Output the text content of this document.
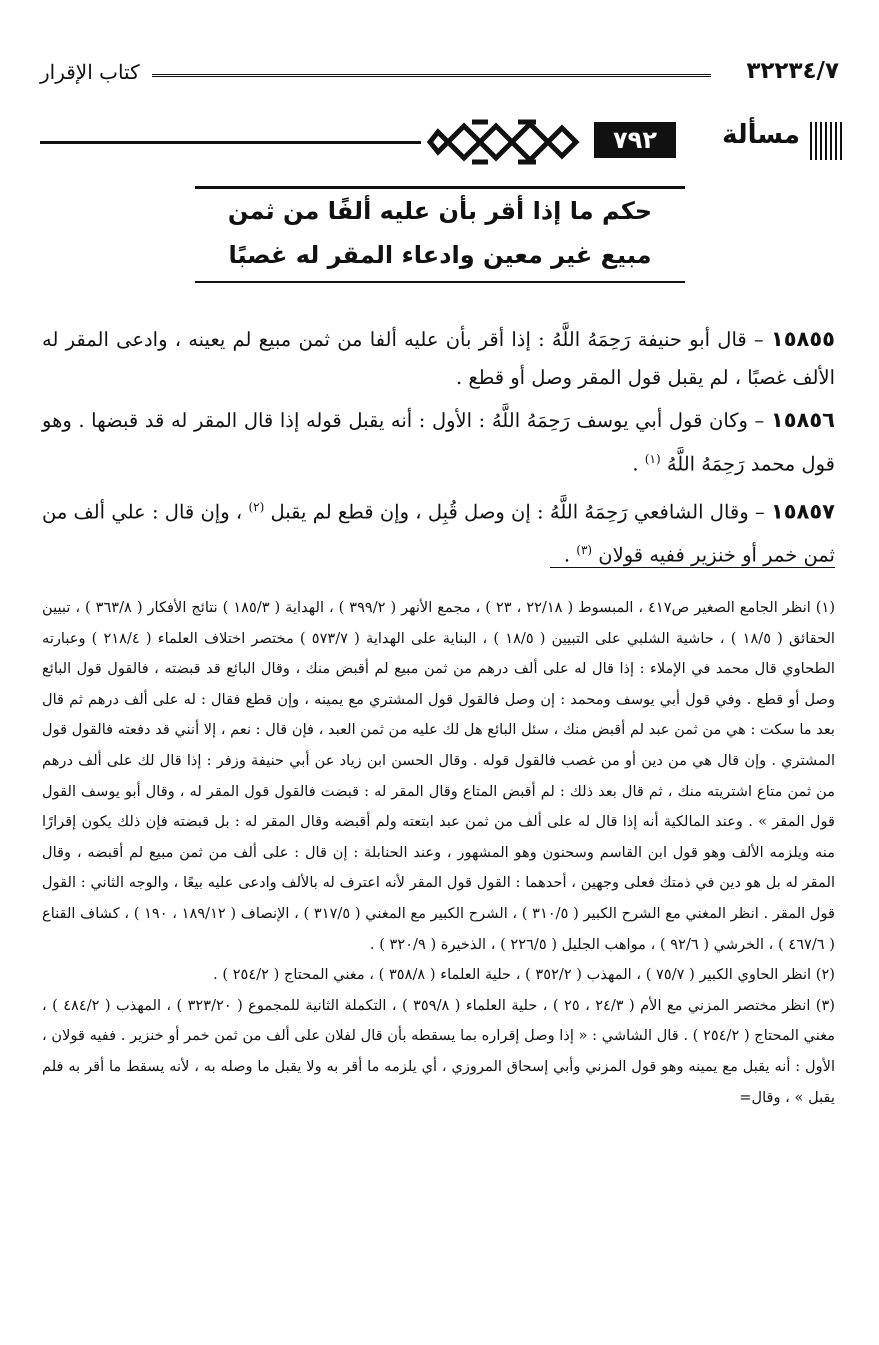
٣٢٢٣٤/٧
كتاب الإقرار
مسألة
٧٩٢
حكم ما إذا أقر بأن عليه ألفًا من ثمن
مبيع غير معين وادعاء المقر له غصبًا

١٥٨٥٥ – قال أبو حنيفة رَحِمَهُ اللَّهُ : إذا أقر بأن عليه ألفا من ثمن مبيع لم يعينه ، وادعى المقر له الألف غصبًا ، لم يقبل قول المقر وصل أو قطع .

١٥٨٥٦ – وكان قول أبي يوسف رَحِمَهُ اللَّهُ : الأول : أنه يقبل قوله إذا قال المقر له قد قبضها . وهو قول محمد رَحِمَهُ اللَّهُ $^{(١)}$ .

١٥٨٥٧ – وقال الشافعي رَحِمَهُ اللَّهُ : إن وصل قُبِل ، وإن قطع لم يقبل $^{(٢)}$ ، وإن قال : علي ألف من ثمن خمر أو خنزير ففيه قولان $^{(٣)}$ .

(١) انظر الجامع الصغير ص٤١٧ ، المبسوط ( ٢٢/١٨ ، ٢٣ ) ، مجمع الأنهر ( ٣٩٩/٢ ) ، الهداية ( ١٨٥/٣ ) نتائج الأفكار ( ٣٦٣/٨ ) ، تبيين الحقائق ( ١٨/٥ ) ، حاشية الشلبي على التبيين ( ١٨/٥ ) ، البناية على الهداية ( ٥٧٣/٧ ) مختصر اختلاف العلماء ( ٢١٨/٤ ) وعبارته الطحاوي قال محمد في الإملاء : إذا قال له على ألف درهم من ثمن مبيع لم أقبض منك ، وقال البائع قد قبضته ، فالقول قول البائع وصل أو قطع . وفي قول أبي يوسف ومحمد : إن وصل فالقول قول المشتري مع يمينه ، وإن قطع فقال : له على ألف درهم ثم قال بعد ما سكت : هي من ثمن عبد لم أقبض منك ، سئل البائع هل لك عليه من ثمن العبد ، فإن قال : نعم ، إلا أنني قد دفعته فالقول قول المشتري . وإن قال هي من دين أو من غصب فالقول قوله . وقال الحسن ابن زياد عن أبي حنيفة وزفر : إذا قال لك على ألف درهم من ثمن متاع اشتريته منك ، ثم قال بعد ذلك : لم أقبض المتاع وقال المقر له : قبضت فالقول قول المقر له ، وقال أبو يوسف القول قول المقر » . وعند المالكية أنه إذا قال له على ألف من ثمن عبد ابتعته ولم أقبضه وقال المقر له : بل قبضته فإن ذلك يكون إقرارًا منه ويلزمه الألف وهو قول ابن القاسم وسحنون وهو المشهور ، وعند الحنابلة : إن قال : على ألف من ثمن مبيع لم أقبضه ، وقال المقر له بل هو دين في ذمتك فعلى وجهين ، أحدهما : القول قول المقر لأنه اعترف له بالألف وادعى عليه بيعًا ، والوجه الثاني : القول قول المقر . انظر المغني مع الشرح الكبير ( ٣١٠/٥ ) ، الشرح الكبير مع المغني ( ٣١٧/٥ ) ، الإنصاف ( ١٨٩/١٢ ، ١٩٠ ) ، كشاف القناع ( ٤٦٧/٦ ) ، الخرشي ( ٩٢/٦ ) ، مواهب الجليل ( ٢٢٦/٥ ) ، الذخيرة ( ٣٢٠/٩ ) .

(٢) انظر الحاوي الكبير ( ٧٥/٧ ) ، المهذب ( ٣٥٢/٢ ) ، حلية العلماء ( ٣٥٨/٨ ) ، مغني المحتاج ( ٢٥٤/٢ ) .

(٣) انظر مختصر المزني مع الأم ( ٢٤/٣ ، ٢٥ ) ، حلية العلماء ( ٣٥٩/٨ ) ، التكملة الثانية للمجموع ( ٣٢٣/٢٠ ) ، المهذب ( ٤٨٤/٢ ) ، مغني المحتاج ( ٢٥٤/٢ ) . قال الشاشي : « إذا وصل إقراره بما يسقطه بأن قال لفلان على ألف من ثمن خمر أو خنزير . ففيه قولان ، الأول : أنه يقبل مع يمينه وهو قول المزني وأبي إسحاق المروزي ، أي يلزمه ما أقر به ولا يقبل ما وصله به ، لأنه يسقط ما أقر به فلم يقبل » ، وقال=
